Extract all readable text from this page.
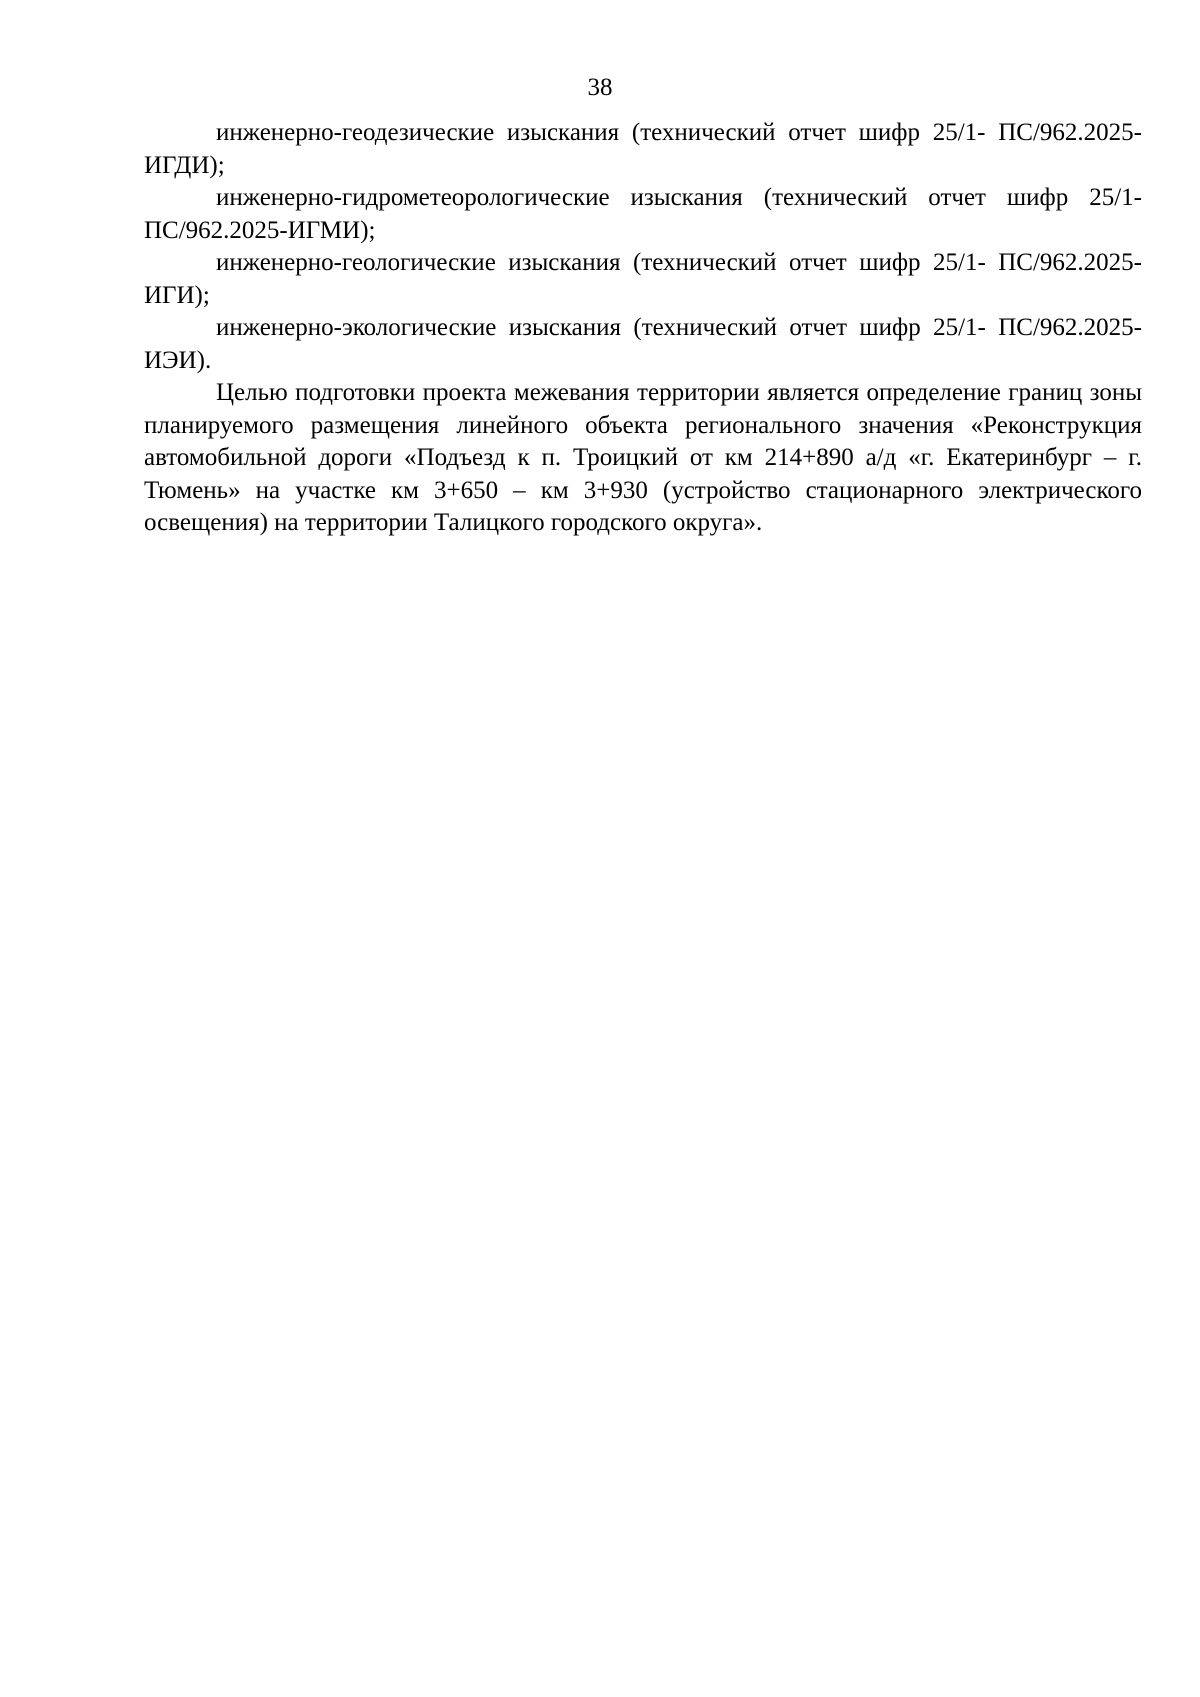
38

инженерно-геодезические изыскания (технический отчет шифр 25/1- ПС/962.2025-ИГДИ);

инженерно-гидрометеорологические изыскания (технический отчет шифр 25/1- ПС/962.2025-ИГМИ);

инженерно-геологические изыскания (технический отчет шифр 25/1- ПС/962.2025-ИГИ);

инженерно-экологические изыскания (технический отчет шифр 25/1- ПС/962.2025-ИЭИ).

Целью подготовки проекта межевания территории является определение границ зоны планируемого размещения линейного объекта регионального значения «Реконструкция автомобильной дороги «Подъезд к п. Троицкий от км 214+890 а/д «г. Екатеринбург – г. Тюмень» на участке км 3+650 – км 3+930 (устройство стационарного электрического освещения) на территории Талицкого городского округа».
